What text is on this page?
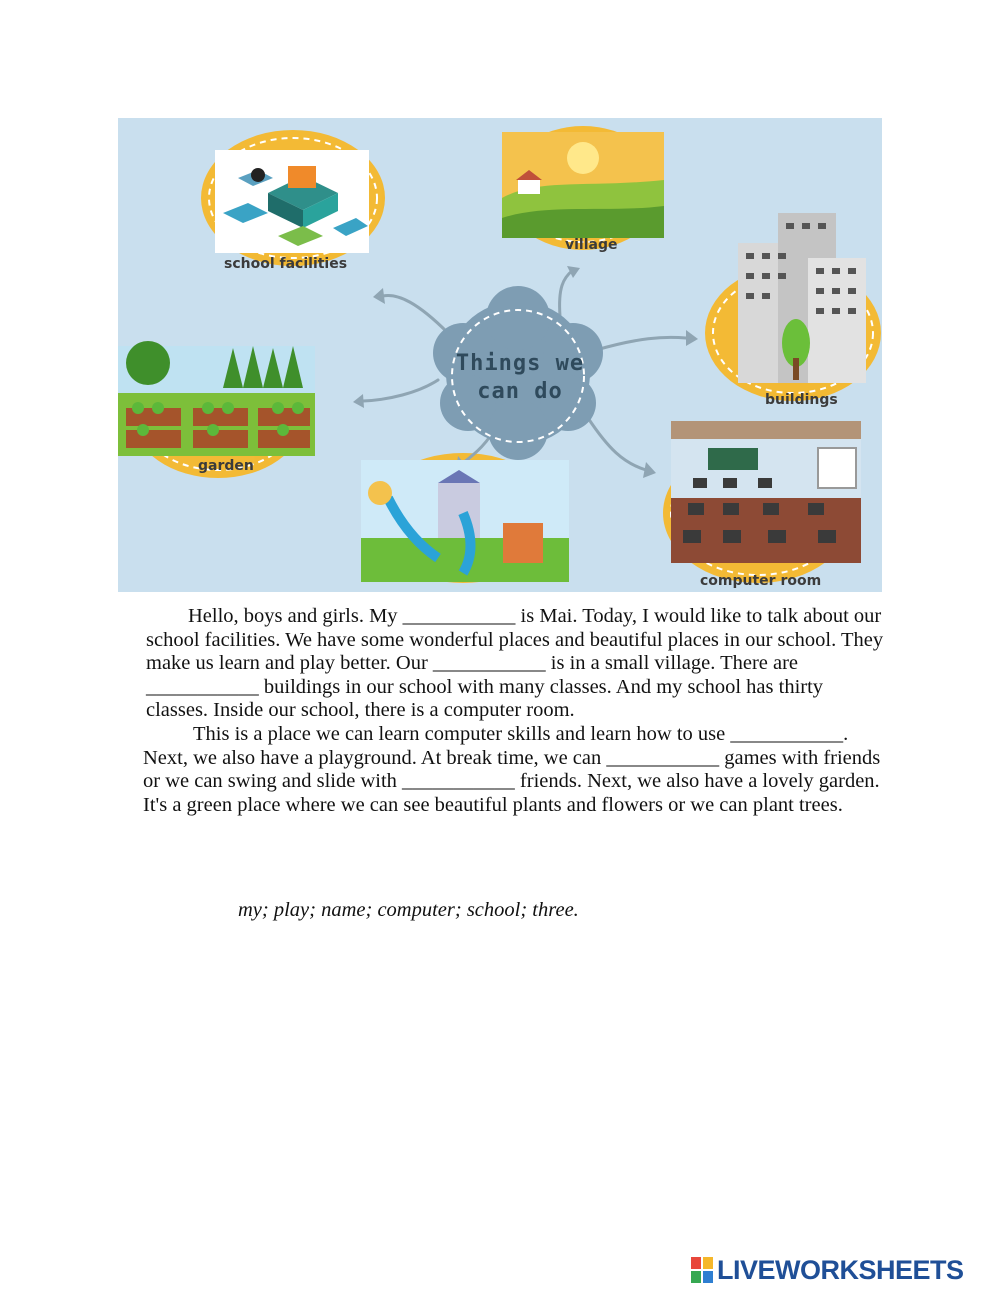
Things we
can do
school facilities
village
buildings
garden
computer room

Hello, boys and girls. My ___________ is Mai. Today, I would like to talk about our school facilities. We have some wonderful places and beautiful places in our school. They make us learn and play better. Our ___________ is in a small village. There are ___________ buildings in our school with many classes. And my school has thirty classes. Inside our school, there is a computer room.

This is a place we can learn computer skills and learn how to use ___________. Next, we also have a playground. At break time, we can ___________ games with friends or we can swing and slide with ___________ friends. Next, we also have a lovely garden. It's a green place where we can see beautiful plants and flowers or we can plant trees.

my; play; name; computer; school; three.
LIVEWORKSHEETS
